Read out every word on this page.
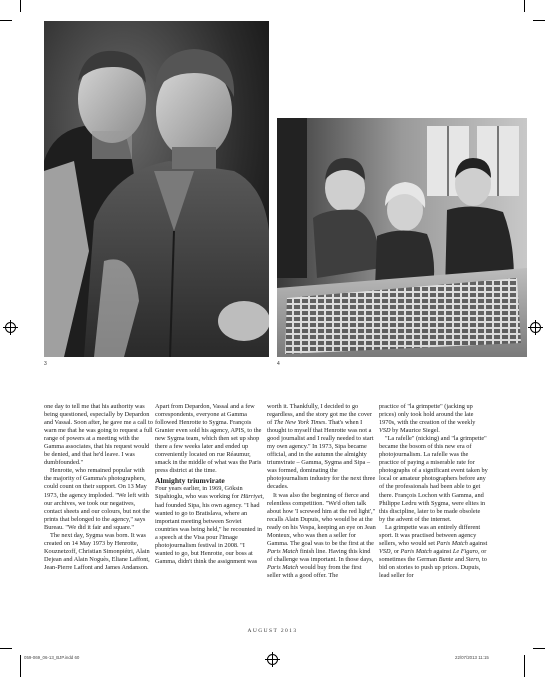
3	4

one day to tell me that his authority was being questioned, especially by Depardon and Vassal. Soon after, he gave me a call to warn me that he was going to request a full range of powers at a meeting with the Gamma associates, that his request would be denied, and that he'd leave. I was dumbfounded."

Henrotte, who remained popular with the majority of Gamma's photographers, could count on their support. On 13 May 1973, the agency imploded. "We left with our archives, we took our negatives, contact sheets and our colours, but not the prints that belonged to the agency," says Bureau. "We did it fair and square."

The next day, Sygma was born. It was created on 14 May 1973 by Henrotte, Kouznetzoff, Christian Simonpiétri, Alain Dejean and Alain Noguès, Eliane Laffont, Jean-Pierre Laffont and James Andanson.

Apart from Depardon, Vassal and a few correspondents, everyone at Gamma followed Henrotte to Sygma. François Granier even sold his agency, APIS, to the new Sygma team, which then set up shop there a few weeks later and ended up conveniently located on rue Réaumur, smack in the middle of what was the Paris press district at the time.

Almighty triumvirate

Four years earlier, in 1969, Göksin Sipahioglu, who was working for Hürriyet, had founded Sipa, his own agency. "I had wanted to go to Bratislava, where an important meeting between Soviet countries was being held," he recounted in a speech at the Visa pour l'Image photojournalism festival in 2008. "I wanted to go, but Henrotte, our boss at Gamma, didn't think the assignment was

worth it. Thankfully, I decided to go regardless, and the story got me the cover of The New York Times. That's when I thought to myself that Henrotte was not a good journalist and I really needed to start my own agency." In 1973, Sipa became official, and in the autumn the almighty triumvirate – Gamma, Sygma and Sipa – was formed, dominating the photojournalism industry for the next three decades.

It was also the beginning of fierce and relentless competition. "We'd often talk about how 'I screwed him at the red light'," recalls Alain Dupuis, who would be at the ready on his Vespa, keeping an eye on Jean Monteux, who was then a seller for Gamma. The goal was to be the first at the Paris Match finish line. Having this kind of challenge was important. In those days, Paris Match would buy from the first seller with a good offer. The

practice of "la grimpette" (jacking up prices) only took hold around the late 1970s, with the creation of the weekly VSD by Maurice Siegel.

"La rafelle" (nicking) and "la grimpette" became the bosom of this new era of photojournalism. La rafelle was the practice of paying a miserable rate for photographs of a significant event taken by local or amateur photographers before any of the professionals had been able to get there. François Lochon with Gamma, and Philippe Ledru with Sygma, were elites in this discipline, later to be made obsolete by the advent of the internet.

La grimpette was an entirely different sport. It was practised between agency sellers, who would set Paris Match against VSD, or Paris Match against Le Figaro, or sometimes the German Bunte and Stern, to bid on stories to push up prices. Dupuis, lead seller for

AUGUST 2013
059-069_06-13_BJP.indd 60	22/07/2013 11:15
